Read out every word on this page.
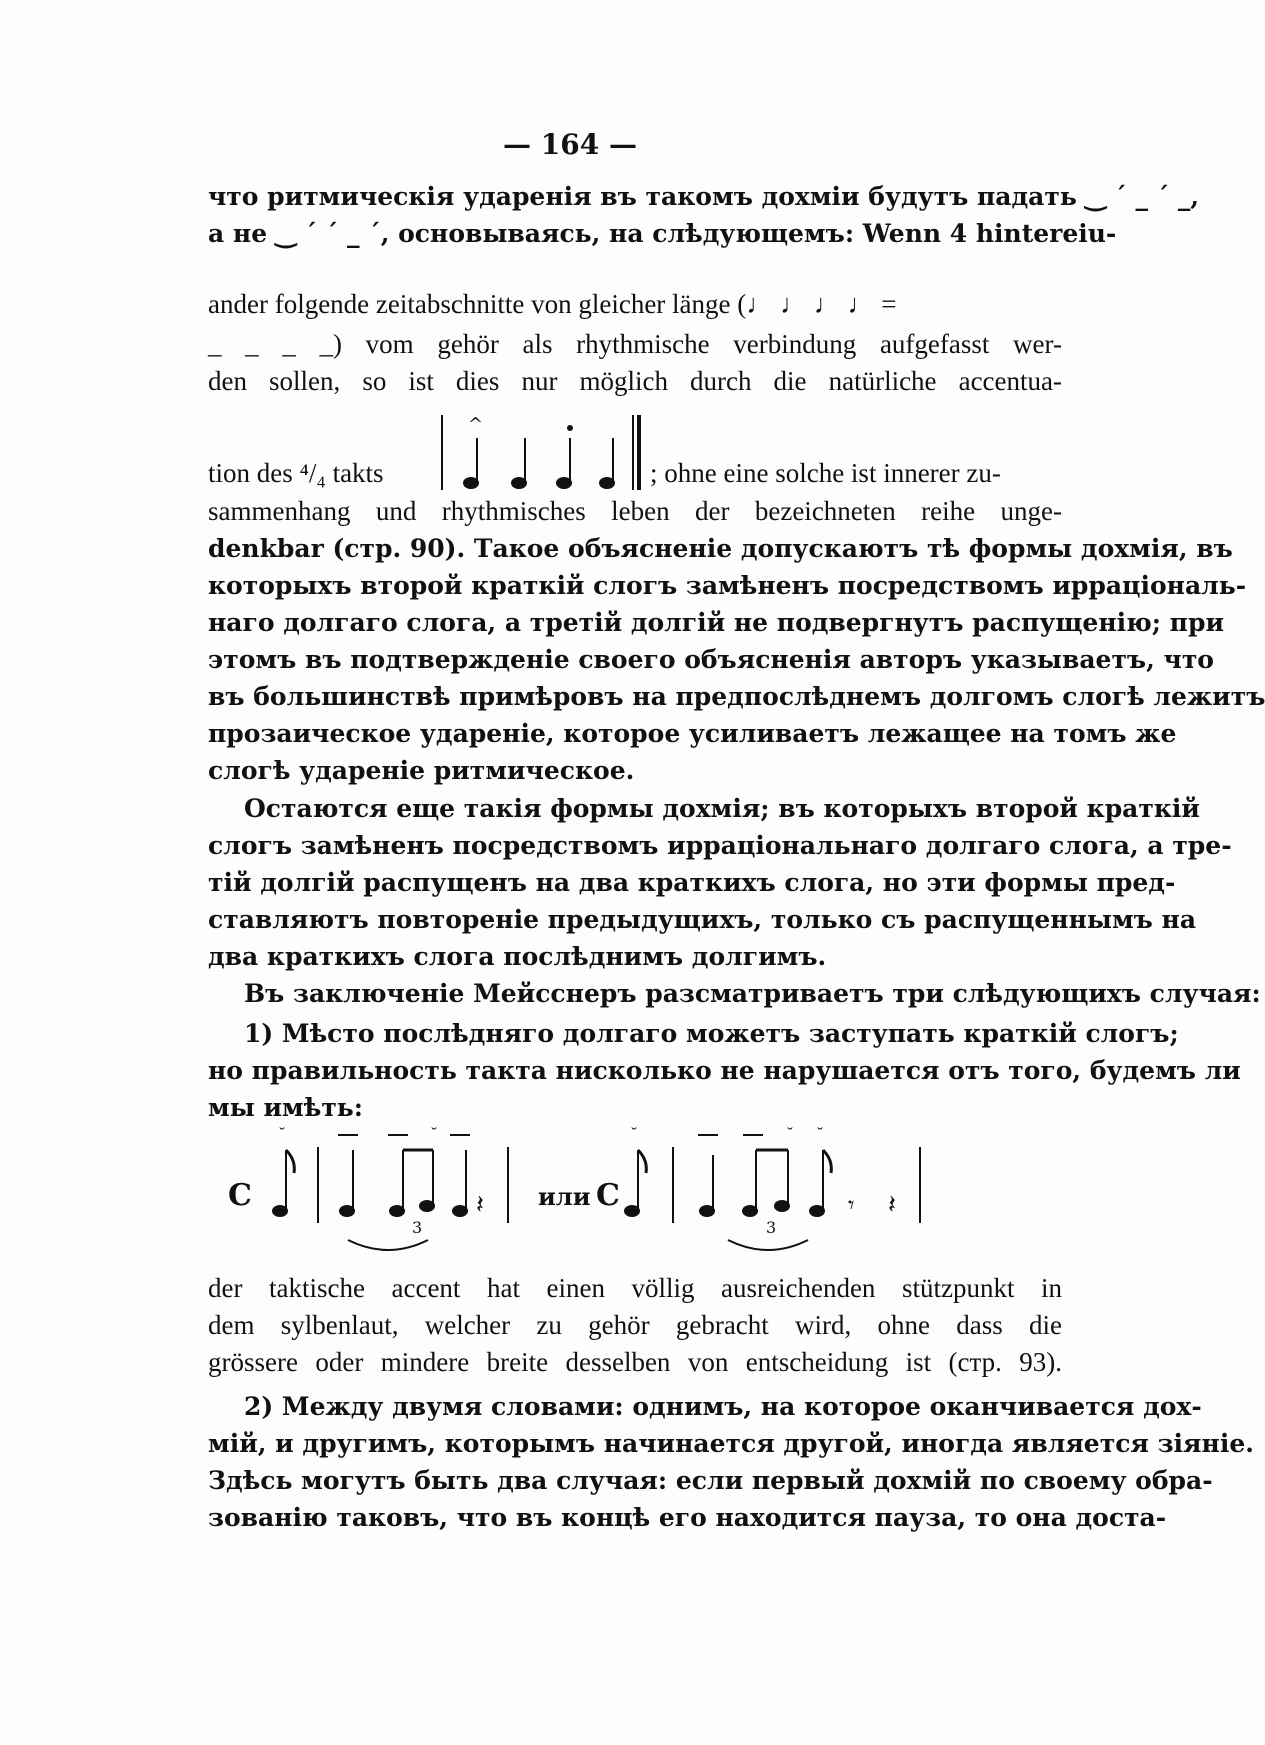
— 164 —
что ритмическія ударенія въ такомъ дохміи будутъ падать ‿ ´ _ ´ _,
а не ‿ ´ ´ _ ´, основываясь, на слѣдующемъ: Wenn 4 hintereiu-
ander folgende zeitabschnitte von gleicher länge (♩ ♩ ♩ ♩ =
_ _ _ _) vom gehör als rhythmische verbindung aufgefasst wer-
den sollen, so ist dies nur möglich durch die natürliche accentua-
^
tion des ⁴/₄ takts	; ohne eine solche ist innerer zu-
sammenhang und rhythmisches leben der bezeichneten reihe unge-
denkbar (стр. 90). Такое объясненіе допускаютъ тѣ формы дохмія, въ
которыхъ второй краткій слогъ замѣненъ посредствомъ ирраціональ-
наго долгаго слога, а третій долгій не подвергнутъ распущенію; при
этомъ въ подтвержденіе своего объясненія авторъ указываетъ, что
въ большинствѣ примѣровъ на предпослѣднемъ долгомъ слогѣ лежитъ
прозаическое удареніе, которое усиливаетъ лежащее на томъ же
слогѣ удареніе ритмическое.
Остаются еще такія формы дохмія; въ которыхъ второй краткій
слогъ замѣненъ посредствомъ ирраціональнаго долгаго слога, а тре-
тій долгій распущенъ на два краткихъ слога, но эти формы пред-
ставляютъ повтореніе предыдущихъ, только съ распущеннымъ на
два краткихъ слога послѣднимъ долгимъ.
Въ заключеніе Мейсснеръ разсматриваетъ три слѣдующихъ случая:
1) Мѣсто послѣдняго долгаго можетъ заступать краткій слогъ;
но правильность такта нисколько не нарушается отъ того, будемъ ли
мы имѣть:
C
˘	˘
3
𝄽 или C
˘	˘
3
˘
𝄾 𝄽
der taktische accent hat einen völlig ausreichenden stützpunkt in
dem sylbenlaut, welcher zu gehör gebracht wird, ohne dass die
grössere oder mindere breite desselben von entscheidung ist (стр. 93).
2) Между двумя словами: однимъ, на которое оканчивается дох-
мій, и другимъ, которымъ начинается другой, иногда является зіяніе.
Здѣсь могутъ быть два случая: если первый дохмій по своему обра-
зованію таковъ, что въ концѣ его находится пауза, то она доста-
